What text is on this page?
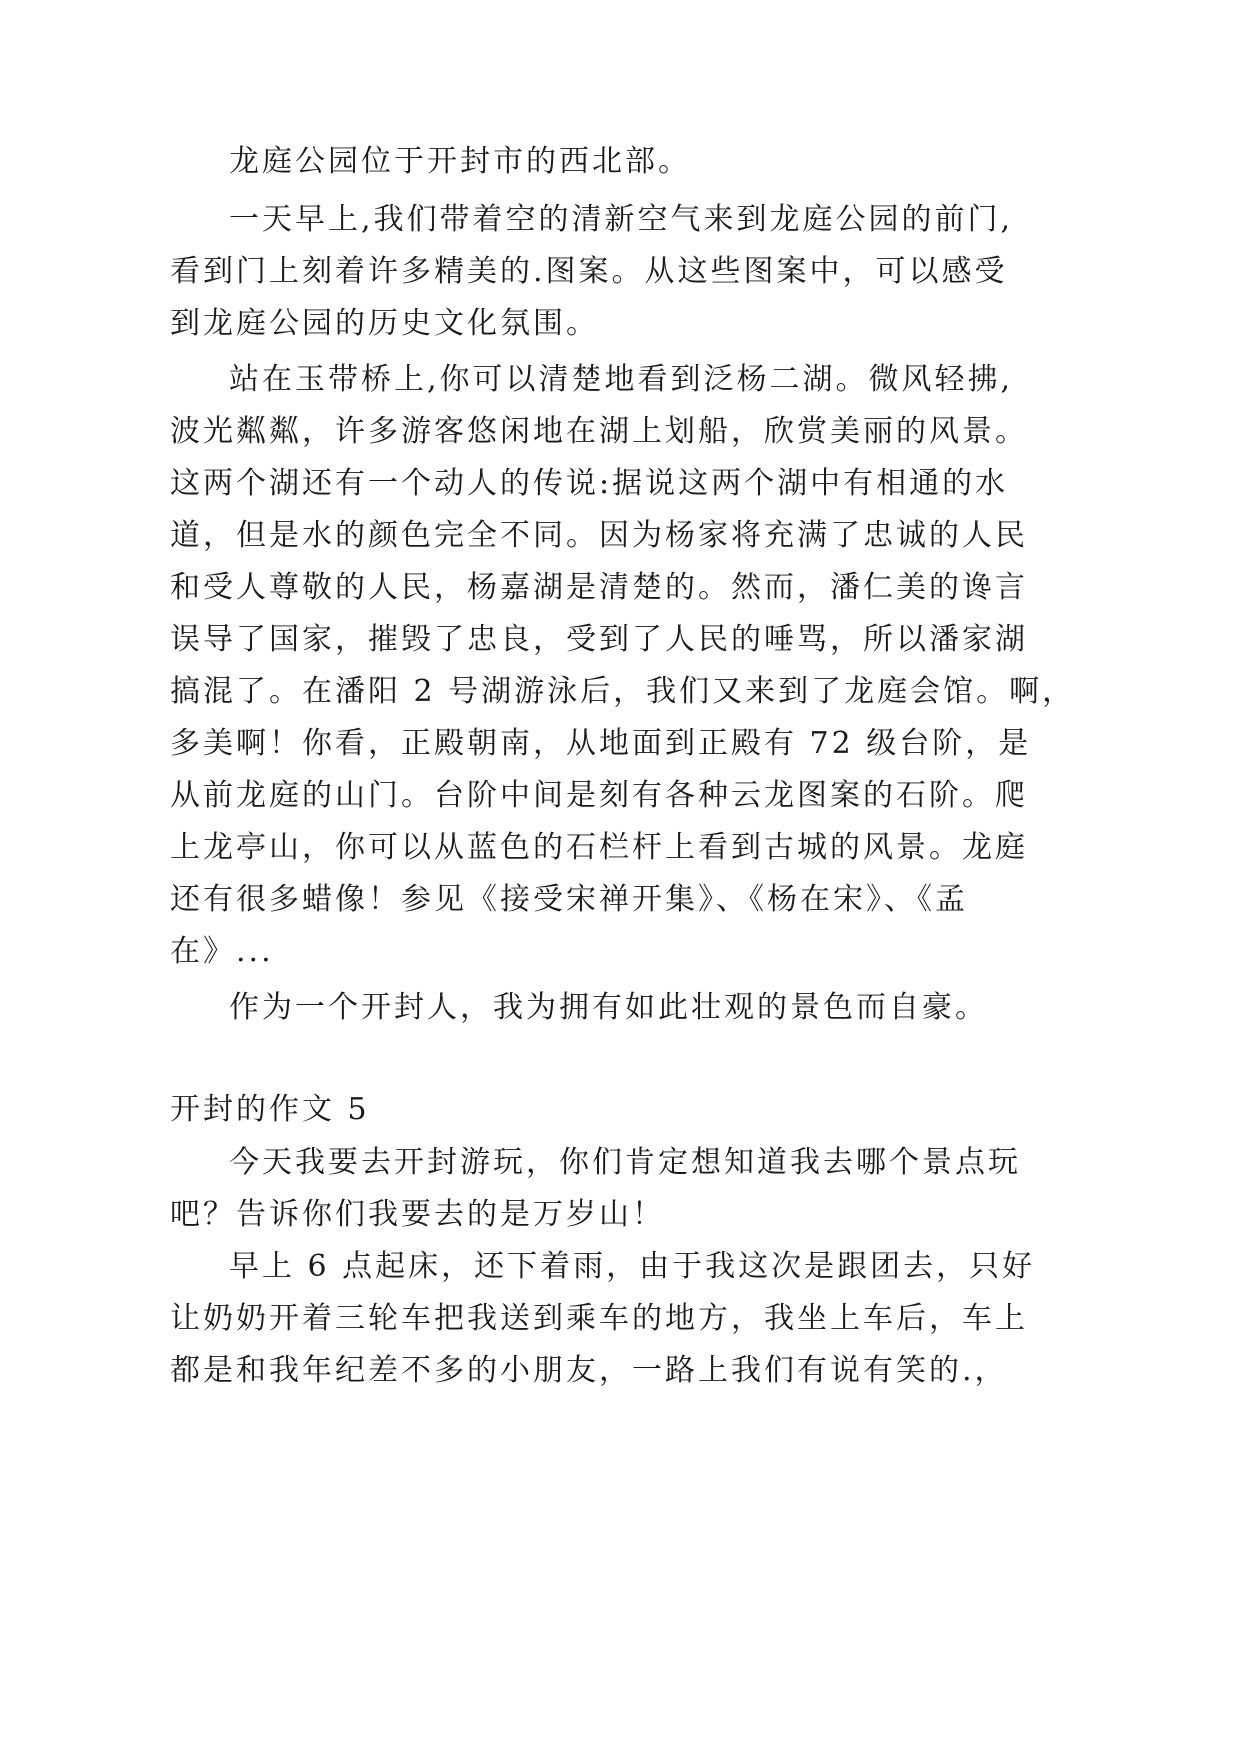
龙庭公园位于开封市的西北部。
一天早上,我们带着空的清新空气来到龙庭公园的前门,
看到门上刻着许多精美的.图案。从这些图案中，可以感受
到龙庭公园的历史文化氛围。
站在玉带桥上,你可以清楚地看到泛杨二湖。微风轻拂,
波光粼粼，许多游客悠闲地在湖上划船，欣赏美丽的风景。
这两个湖还有一个动人的传说:据说这两个湖中有相通的水
道，但是水的颜色完全不同。因为杨家将充满了忠诚的人民
和受人尊敬的人民，杨嘉湖是清楚的。然而，潘仁美的谗言
误导了国家，摧毁了忠良，受到了人民的唾骂，所以潘家湖
搞混了。在潘阳 2 号湖游泳后，我们又来到了龙庭会馆。啊，
多美啊！你看，正殿朝南，从地面到正殿有 72 级台阶，是
从前龙庭的山门。台阶中间是刻有各种云龙图案的石阶。爬
上龙亭山，你可以从蓝色的石栏杆上看到古城的风景。龙庭
还有很多蜡像！参见《接受宋禅开集》、《杨在宋》、《孟
在》...
作为一个开封人，我为拥有如此壮观的景色而自豪。
开封的作文 5
今天我要去开封游玩，你们肯定想知道我去哪个景点玩
吧？告诉你们我要去的是万岁山！
早上 6 点起床，还下着雨，由于我这次是跟团去，只好
让奶奶开着三轮车把我送到乘车的地方，我坐上车后，车上
都是和我年纪差不多的小朋友，一路上我们有说有笑的.，
